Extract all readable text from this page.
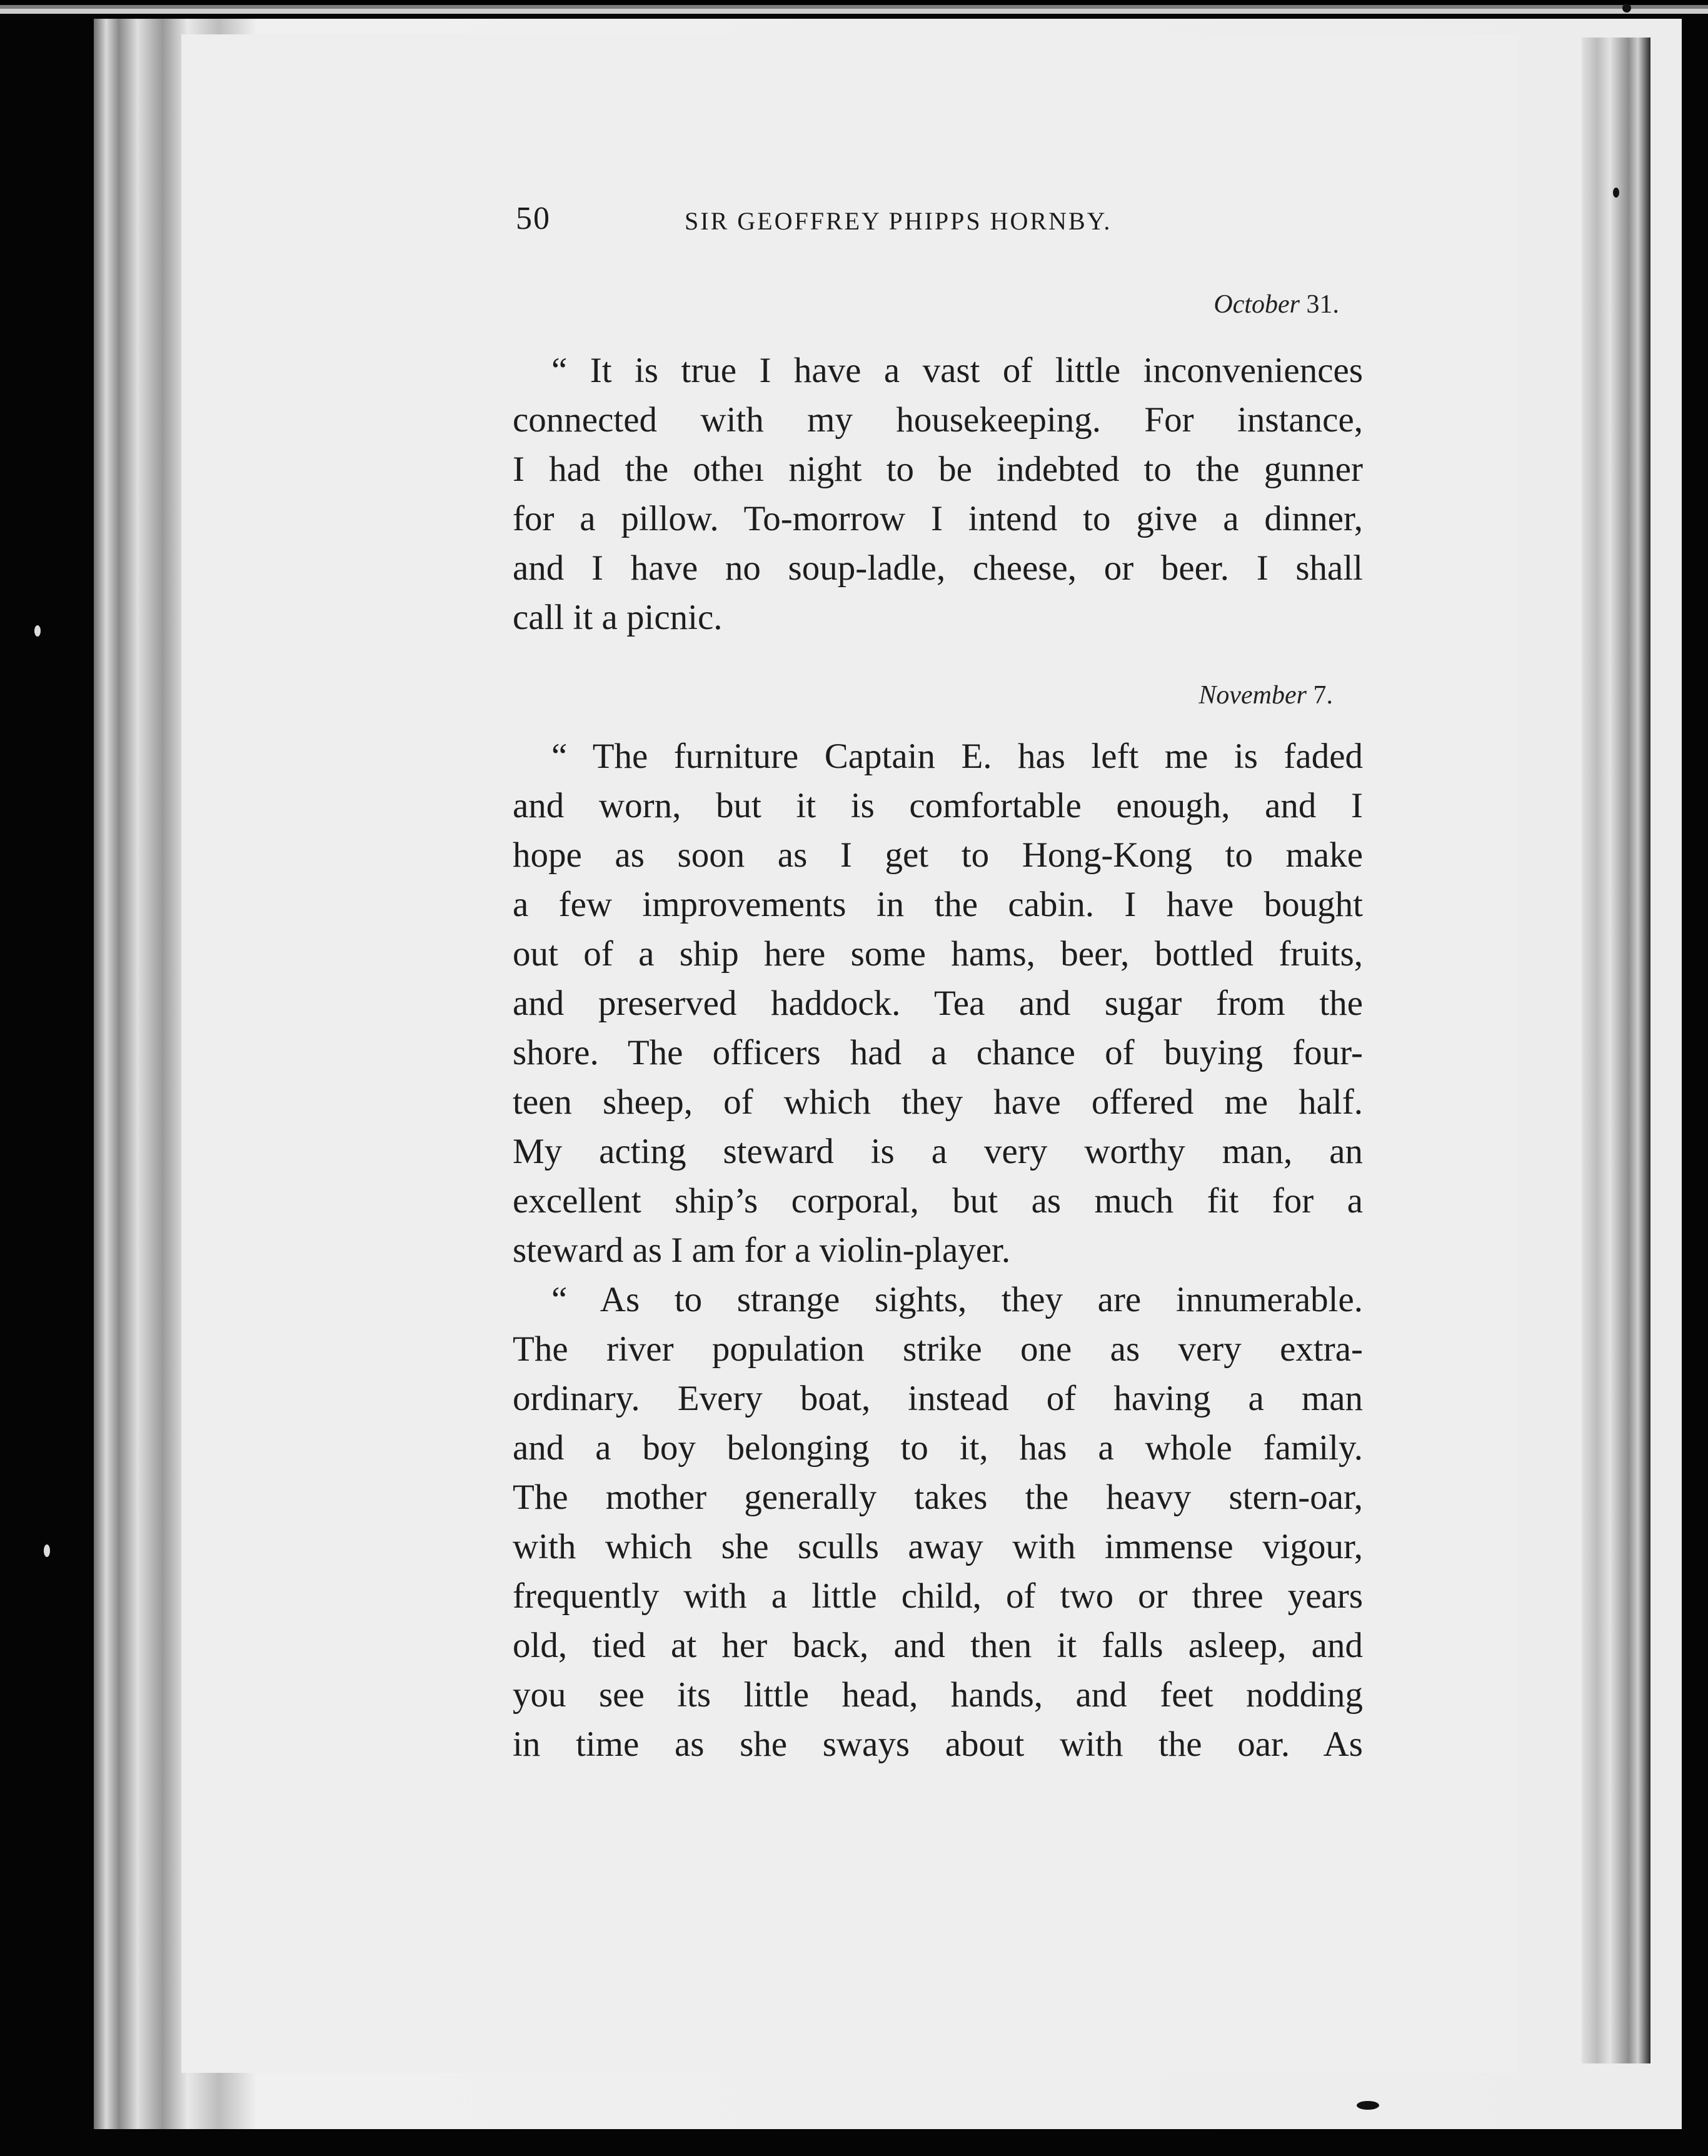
50	SIR GEOFFREY PHIPPS HORNBY.
October 31.
“ It is true I have a vast of little inconveniences
connected with my housekeeping. For instance,
I had the otheı night to be indebted to the gunner
for a pillow. To-morrow I intend to give a dinner,
and I have no soup-ladle, cheese, or beer. I shall
call it a picnic.
November 7.
“ The furniture Captain E. has left me is faded
and worn, but it is comfortable enough, and I
hope as soon as I get to Hong-Kong to make
a few improvements in the cabin. I have bought
out of a ship here some hams, beer, bottled fruits,
and preserved haddock. Tea and sugar from the
shore. The officers had a chance of buying four-
teen sheep, of which they have offered me half.
My acting steward is a very worthy man, an
excellent ship’s corporal, but as much fit for a
steward as I am for a violin-player.
“ As to strange sights, they are innumerable.
The river population strike one as very extra-
ordinary. Every boat, instead of having a man
and a boy belonging to it, has a whole family.
The mother generally takes the heavy stern-oar,
with which she sculls away with immense vigour,
frequently with a little child, of two or three years
old, tied at her back, and then it falls asleep, and
you see its little head, hands, and feet nodding
in time as she sways about with the oar. As
